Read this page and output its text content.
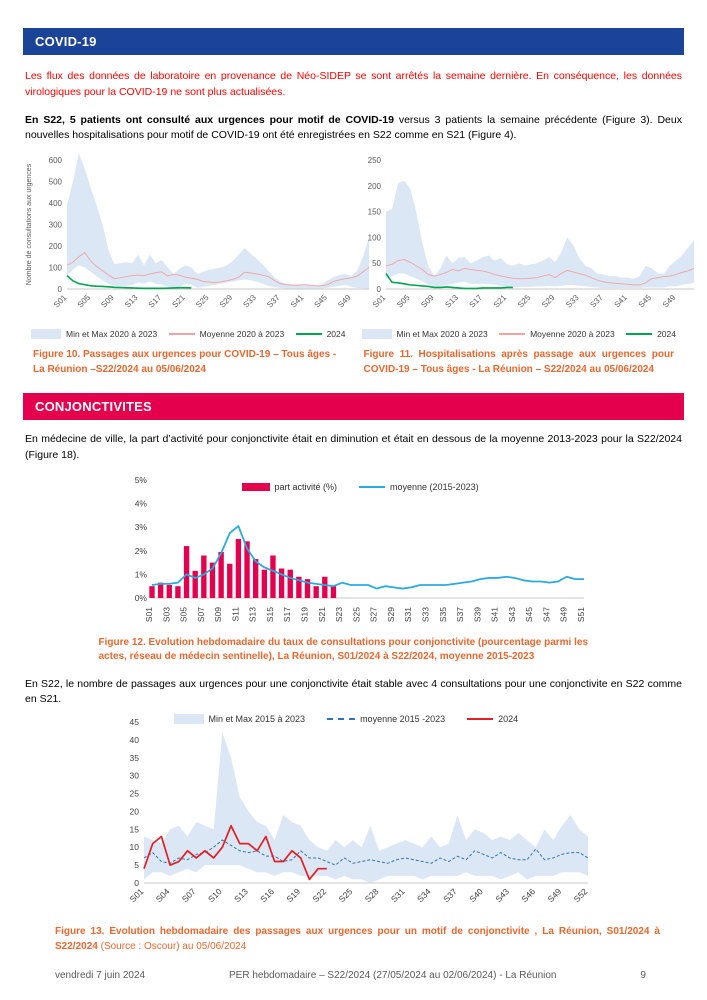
COVID-19

Les flux des données de laboratoire en provenance de Néo-SIDEP se sont arrêtés la semaine dernière. En conséquence, les données virologiques pour la COVID-19 ne sont plus actualisées.

En S22, 5 patients ont consulté aux urgences pour motif de COVID-19 versus 3 patients la semaine précédente (Figure 3). Deux nouvelles hospitalisations pour motif de COVID-19 ont été enregistrées en S22 comme en S21 (Figure 4).

0
100
200
300
400
500
600
S01 S05 S09 S13 S17 S21 S25 S29 S33 S37 S41 S45 S49
Nombre de consultations aux urgences
Min et Max 2020 à 2023	Moyenne 2020 à 2023	2024

Figure 10. Passages aux urgences pour COVID-19 – Tous âges - La Réunion –S22/2024 au 05/06/2024

0
50
100
150
200
250
S01 S05 S09 S13 S17 S21 S25 S29 S33 S37 S41 S45 S49
Min et Max 2020 à 2023	Moyenne 2020 à 2023	2024

Figure 11. Hospitalisations après passage aux urgences pour COVID-19 – Tous âges - La Réunion – S22/2024 au 05/06/2024

CONJONCTIVITES

En médecine de ville, la part d’activité pour conjonctivite était en diminution et était en dessous de la moyenne 2013-2023 pour la S22/2024 (Figure 18).

0%
1%
2%
3%
4%
5%
S01 S03 S05 S07 S09 S11 S13 S15 S17 S19 S21 S23 S25 S27 S29 S31 S33 S35 S37 S39 S41 S43 S45 S47 S49 S51
part activité (%)	moyenne (2015-2023)

Figure 12. Evolution hebdomadaire du taux de consultations pour conjonctivite (pourcentage parmi les actes, réseau de médecin sentinelle), La Réunion, S01/2024 à S22/2024, moyenne 2015-2023

En S22, le nombre de passages aux urgences pour une conjonctivite était stable avec 4 consultations pour une conjonctivite en S22 comme en S21.

0
5
10
15
20
25
30
35
40
45
S01 S04 S07 S10 S13 S16 S19 S22 S25 S28 S31 S34 S37 S40 S43 S46 S49 S52
Min et Max 2015 à 2023	moyenne 2015 -2023	2024

Figure 13. Evolution hebdomadaire des passages aux urgences pour un motif de conjonctivite , La Réunion, S01/2024 à S22/2024 (Source : Oscour) au 05/06/2024

vendredi 7 juin 2024	PER hebdomadaire – S22/2024 (27/05/2024 au 02/06/2024) - La Réunion	9
